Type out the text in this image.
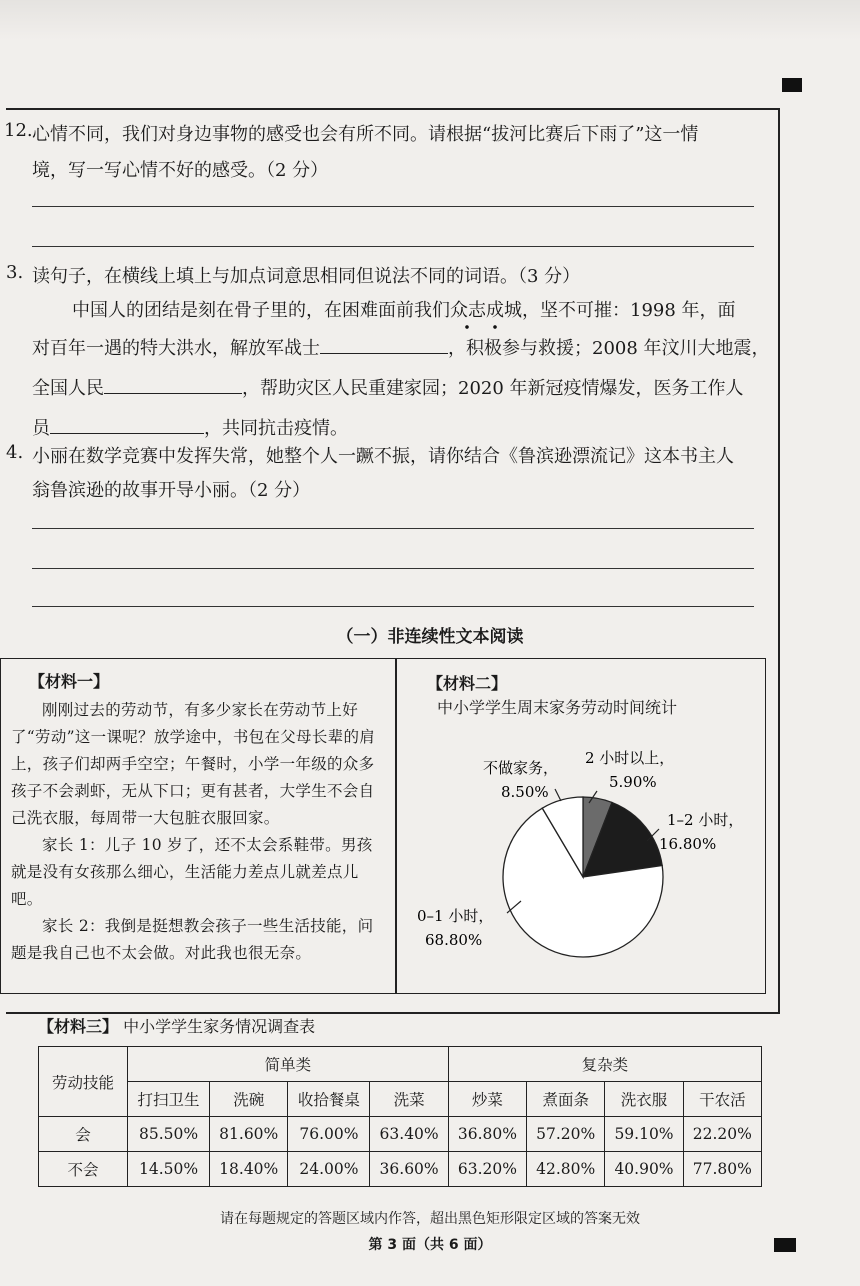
12. 心情不同，我们对身边事物的感受也会有所不同。请根据“拔河比赛后下雨了”这一情
境，写一写心情不好的感受。（2 分）
3. 读句子，在横线上填上与加点词意思相同但说法不同的词语。（3 分）
中国人的团结是刻在骨子里的，在困难面前我们众志成城，坚不可摧：1998 年，面
对百年一遇的特大洪水，解放军战士	，积极参与救援；2008 年汶川大地震，
全国人民	，帮助灾区人民重建家园；2020 年新冠疫情爆发，医务工作人
员	，共同抗击疫情。
4. 小丽在数学竞赛中发挥失常，她整个人一蹶不振，请你结合《鲁滨逊漂流记》这本书主人
翁鲁滨逊的故事开导小丽。（2 分）
（一）非连续性文本阅读
【材料一】

刚刚过去的劳动节，有多少家长在劳动节上好了“劳动”这一课呢？放学途中，书包在父母长辈的肩上，孩子们却两手空空；午餐时，小学一年级的众多孩子不会剥虾，无从下口；更有甚者，大学生不会自己洗衣服，每周带一大包脏衣服回家。

家长 1：儿子 10 岁了，还不太会系鞋带。男孩就是没有女孩那么细心，生活能力差点儿就差点儿吧。

家长 2：我倒是挺想教会孩子一些生活技能，问题是我自己也不太会做。对此我也很无奈。

【材料二】
中小学学生周末家务劳动时间统计
不做家务，
8.50%
2 小时以上，
5.90%
1–2 小时，
16.80%
0–1 小时，
68.80%
【材料三】 中小学学生家务情况调查表
劳动技能	简单类				复杂类			
	打扫卫生	洗碗	收拾餐桌	洗菜	炒菜	煮面条	洗衣服	干农活
会	85.50%	81.60%	76.00%	63.40%	36.80%	57.20%	59.10%	22.20%
不会	14.50%	18.40%	24.00%	36.60%	63.20%	42.80%	40.90%	77.80%
请在每题规定的答题区域内作答，超出黑色矩形限定区域的答案无效
第 3 面（共 6 面）
